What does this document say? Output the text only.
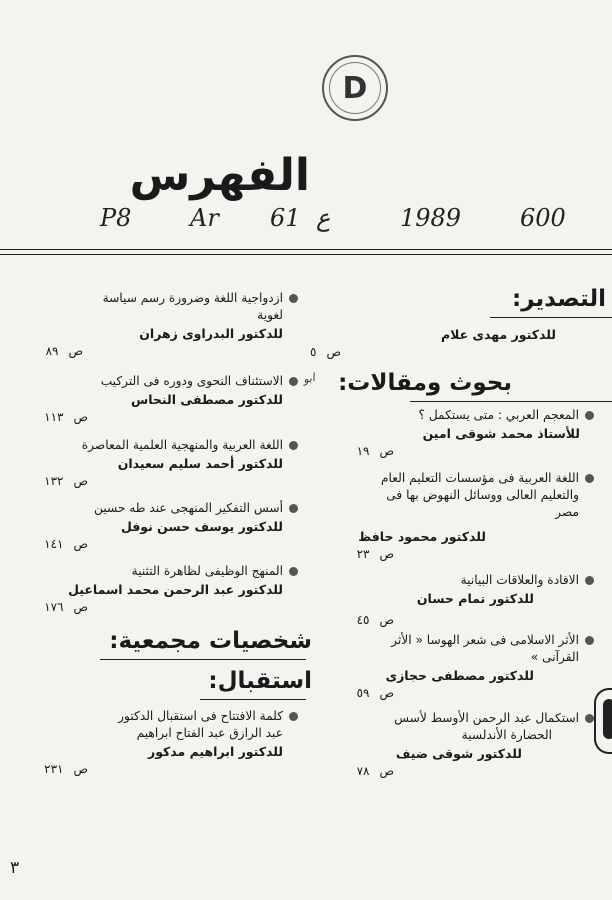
D
الفهرس
P8 Ar 61 ع	1989 600
التصدير:
للدكتور مهدى علام
ص٥
بحوث ومقالات:
المعجم العربي : متى يستكمل ؟
للأستاذ محمد شوقى امين
ص١٩
اللغة العربية فى مؤسسات التعليم العام
والتعليم العالى ووسائل النهوض بها فى
مصر
للدكتور محمود حافظ
ص٢٣
الافادة والعلاقات البيانية
للدكتور تمام حسان
ص٤٥
الأثر الاسلامى فى شعر الهوسا « الأثر
القرآنى »
للدكتور مصطفى حجازى
ص٥٩
استكمال عبد الرحمن الأوسط لأسس
الحضارة الأندلسية
للدكتور شوقى ضيف
ص٧٨
ازدواجية اللغة وضرورة رسم سياسة
لغوية
للدكتور البدراوى زهران
ص٨٩
الاستئناف النحوى ودوره فى التركيب
للدكتور مصطفى النحاس
ص١١٣
اللغة العربية والمنهجية العلمية المعاصرة
للدكتور أحمد سليم سعيدان
ص١٣٢
أسس التفكير المنهجى عند طه حسين
للدكتور يوسف حسن نوفل
ص١٤١
المنهج الوظيفى لظاهرة التثنية
للدكتور عبد الرحمن محمد اسماعيل
ص١٧٦
شخصيات مجمعية:
استقبال:
كلمة الافتتاح فى استقبال الدكتور
عبد الرازق عبد الفتاح ابراهيم
للدكتور ابراهيم مدكور
ص٢٣١
ابو
٣
